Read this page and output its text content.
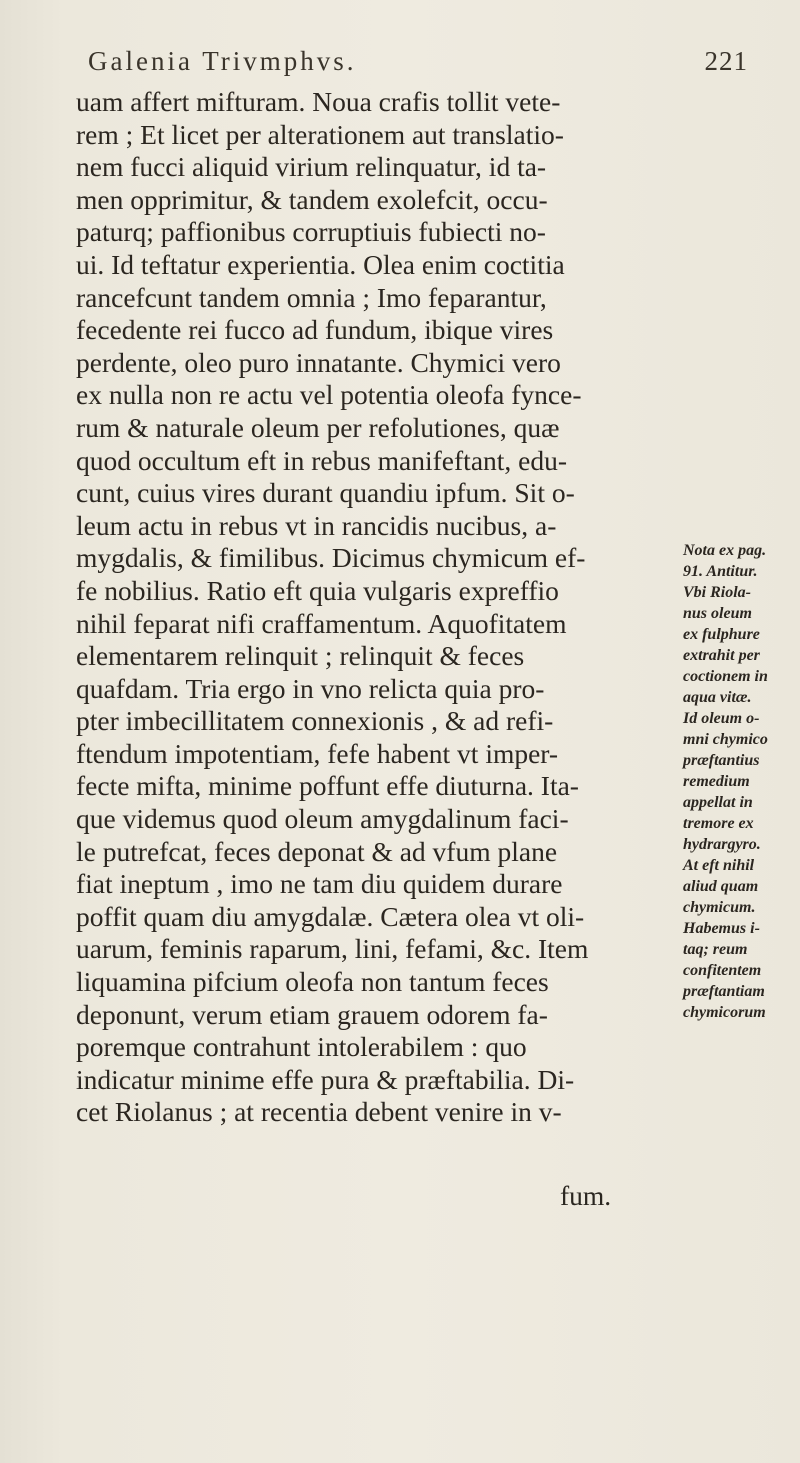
Galenia Trivmphvs.	221
uam affert mifturam. Noua crafis tollit vete-
rem ; Et licet per alterationem aut translatio-
nem fucci aliquid virium relinquatur, id ta-
men opprimitur, & tandem exolefcit, occu-
paturq; paffionibus corruptiuis fubiecti no-
ui. Id teftatur experientia. Olea enim coctitia
rancefcunt tandem omnia ; Imo feparantur,
fecedente rei fucco ad fundum, ibique vires
perdente, oleo puro innatante. Chymici vero
ex nulla non re actu vel potentia oleofa fynce-
rum & naturale oleum per refolutiones, quæ
quod occultum eft in rebus manifeftant, edu-
cunt, cuius vires durant quandiu ipfum. Sit o-
leum actu in rebus vt in rancidis nucibus, a-
mygdalis, & fimilibus. Dicimus chymicum ef-
fe nobilius. Ratio eft quia vulgaris expreffio
nihil feparat nifi craffamentum. Aquofitatem
elementarem relinquit ; relinquit & feces
quafdam. Tria ergo in vno relicta quia pro-
pter imbecillitatem connexionis , & ad refi-
ftendum impotentiam, fefe habent vt imper-
fecte mifta, minime poffunt effe diuturna. Ita-
que videmus quod oleum amygdalinum faci-
le putrefcat, feces deponat & ad vfum plane
fiat ineptum , imo ne tam diu quidem durare
poffit quam diu amygdalæ. Cætera olea vt oli-
uarum, feminis raparum, lini, fefami, &c. Item
liquamina pifcium oleofa non tantum feces
deponunt, verum etiam grauem odorem fa-
poremque contrahunt intolerabilem : quo
indicatur minime effe pura & præftabilia. Di-
cet Riolanus ; at recentia debent venire in v-
fum.
Nota ex pag.
91. Antitur.
Vbi Riola-
nus oleum
ex fulphure
extrahit per
coctionem in
aqua vitæ.
Id oleum o-
mni chymico
præftantius
remedium
appellat in
tremore ex
hydrargyro.
At eft nihil
aliud quam
chymicum.
Habemus i-
taq; reum
confitentem
præftantiam
chymicorum
